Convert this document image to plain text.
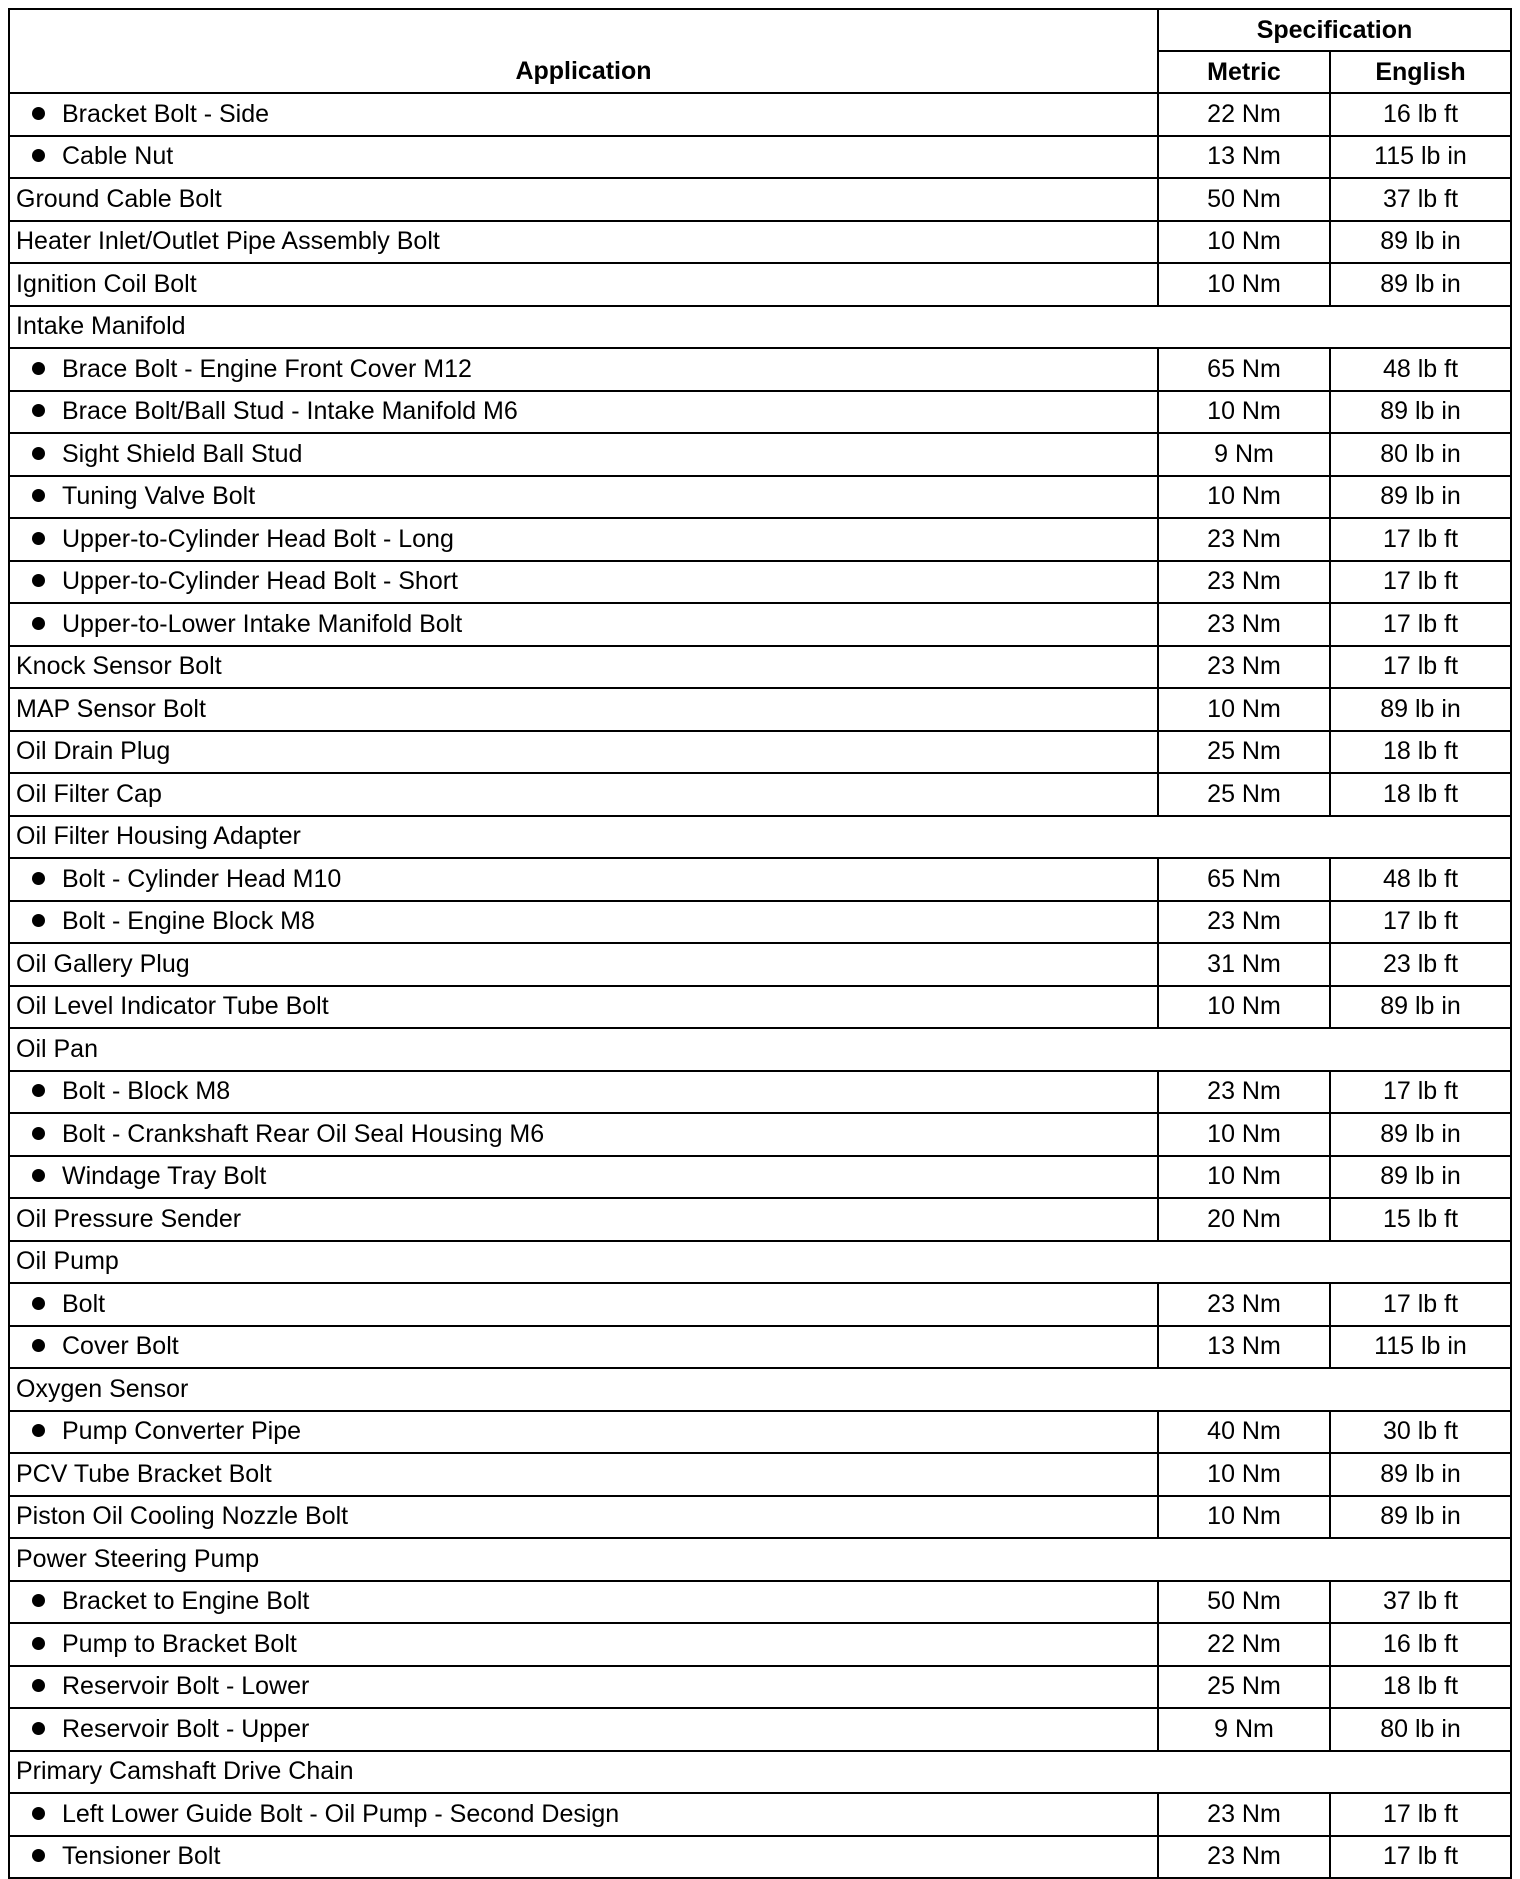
Application	Specification	
	Metric	English
Bracket Bolt - Side	22 Nm	16 lb ft
Cable Nut	13 Nm	115 lb in
Ground Cable Bolt	50 Nm	37 lb ft
Heater Inlet/Outlet Pipe Assembly Bolt	10 Nm	89 lb in
Ignition Coil Bolt	10 Nm	89 lb in
Intake Manifold		
Brace Bolt - Engine Front Cover M12	65 Nm	48 lb ft
Brace Bolt/Ball Stud - Intake Manifold M6	10 Nm	89 lb in
Sight Shield Ball Stud	9 Nm	80 lb in
Tuning Valve Bolt	10 Nm	89 lb in
Upper-to-Cylinder Head Bolt - Long	23 Nm	17 lb ft
Upper-to-Cylinder Head Bolt - Short	23 Nm	17 lb ft
Upper-to-Lower Intake Manifold Bolt	23 Nm	17 lb ft
Knock Sensor Bolt	23 Nm	17 lb ft
MAP Sensor Bolt	10 Nm	89 lb in
Oil Drain Plug	25 Nm	18 lb ft
Oil Filter Cap	25 Nm	18 lb ft
Oil Filter Housing Adapter		
Bolt - Cylinder Head M10	65 Nm	48 lb ft
Bolt - Engine Block M8	23 Nm	17 lb ft
Oil Gallery Plug	31 Nm	23 lb ft
Oil Level Indicator Tube Bolt	10 Nm	89 lb in
Oil Pan		
Bolt - Block M8	23 Nm	17 lb ft
Bolt - Crankshaft Rear Oil Seal Housing M6	10 Nm	89 lb in
Windage Tray Bolt	10 Nm	89 lb in
Oil Pressure Sender	20 Nm	15 lb ft
Oil Pump		
Bolt	23 Nm	17 lb ft
Cover Bolt	13 Nm	115 lb in
Oxygen Sensor		
Pump Converter Pipe	40 Nm	30 lb ft
PCV Tube Bracket Bolt	10 Nm	89 lb in
Piston Oil Cooling Nozzle Bolt	10 Nm	89 lb in
Power Steering Pump		
Bracket to Engine Bolt	50 Nm	37 lb ft
Pump to Bracket Bolt	22 Nm	16 lb ft
Reservoir Bolt - Lower	25 Nm	18 lb ft
Reservoir Bolt - Upper	9 Nm	80 lb in
Primary Camshaft Drive Chain		
Left Lower Guide Bolt - Oil Pump - Second Design	23 Nm	17 lb ft
Tensioner Bolt	23 Nm	17 lb ft
